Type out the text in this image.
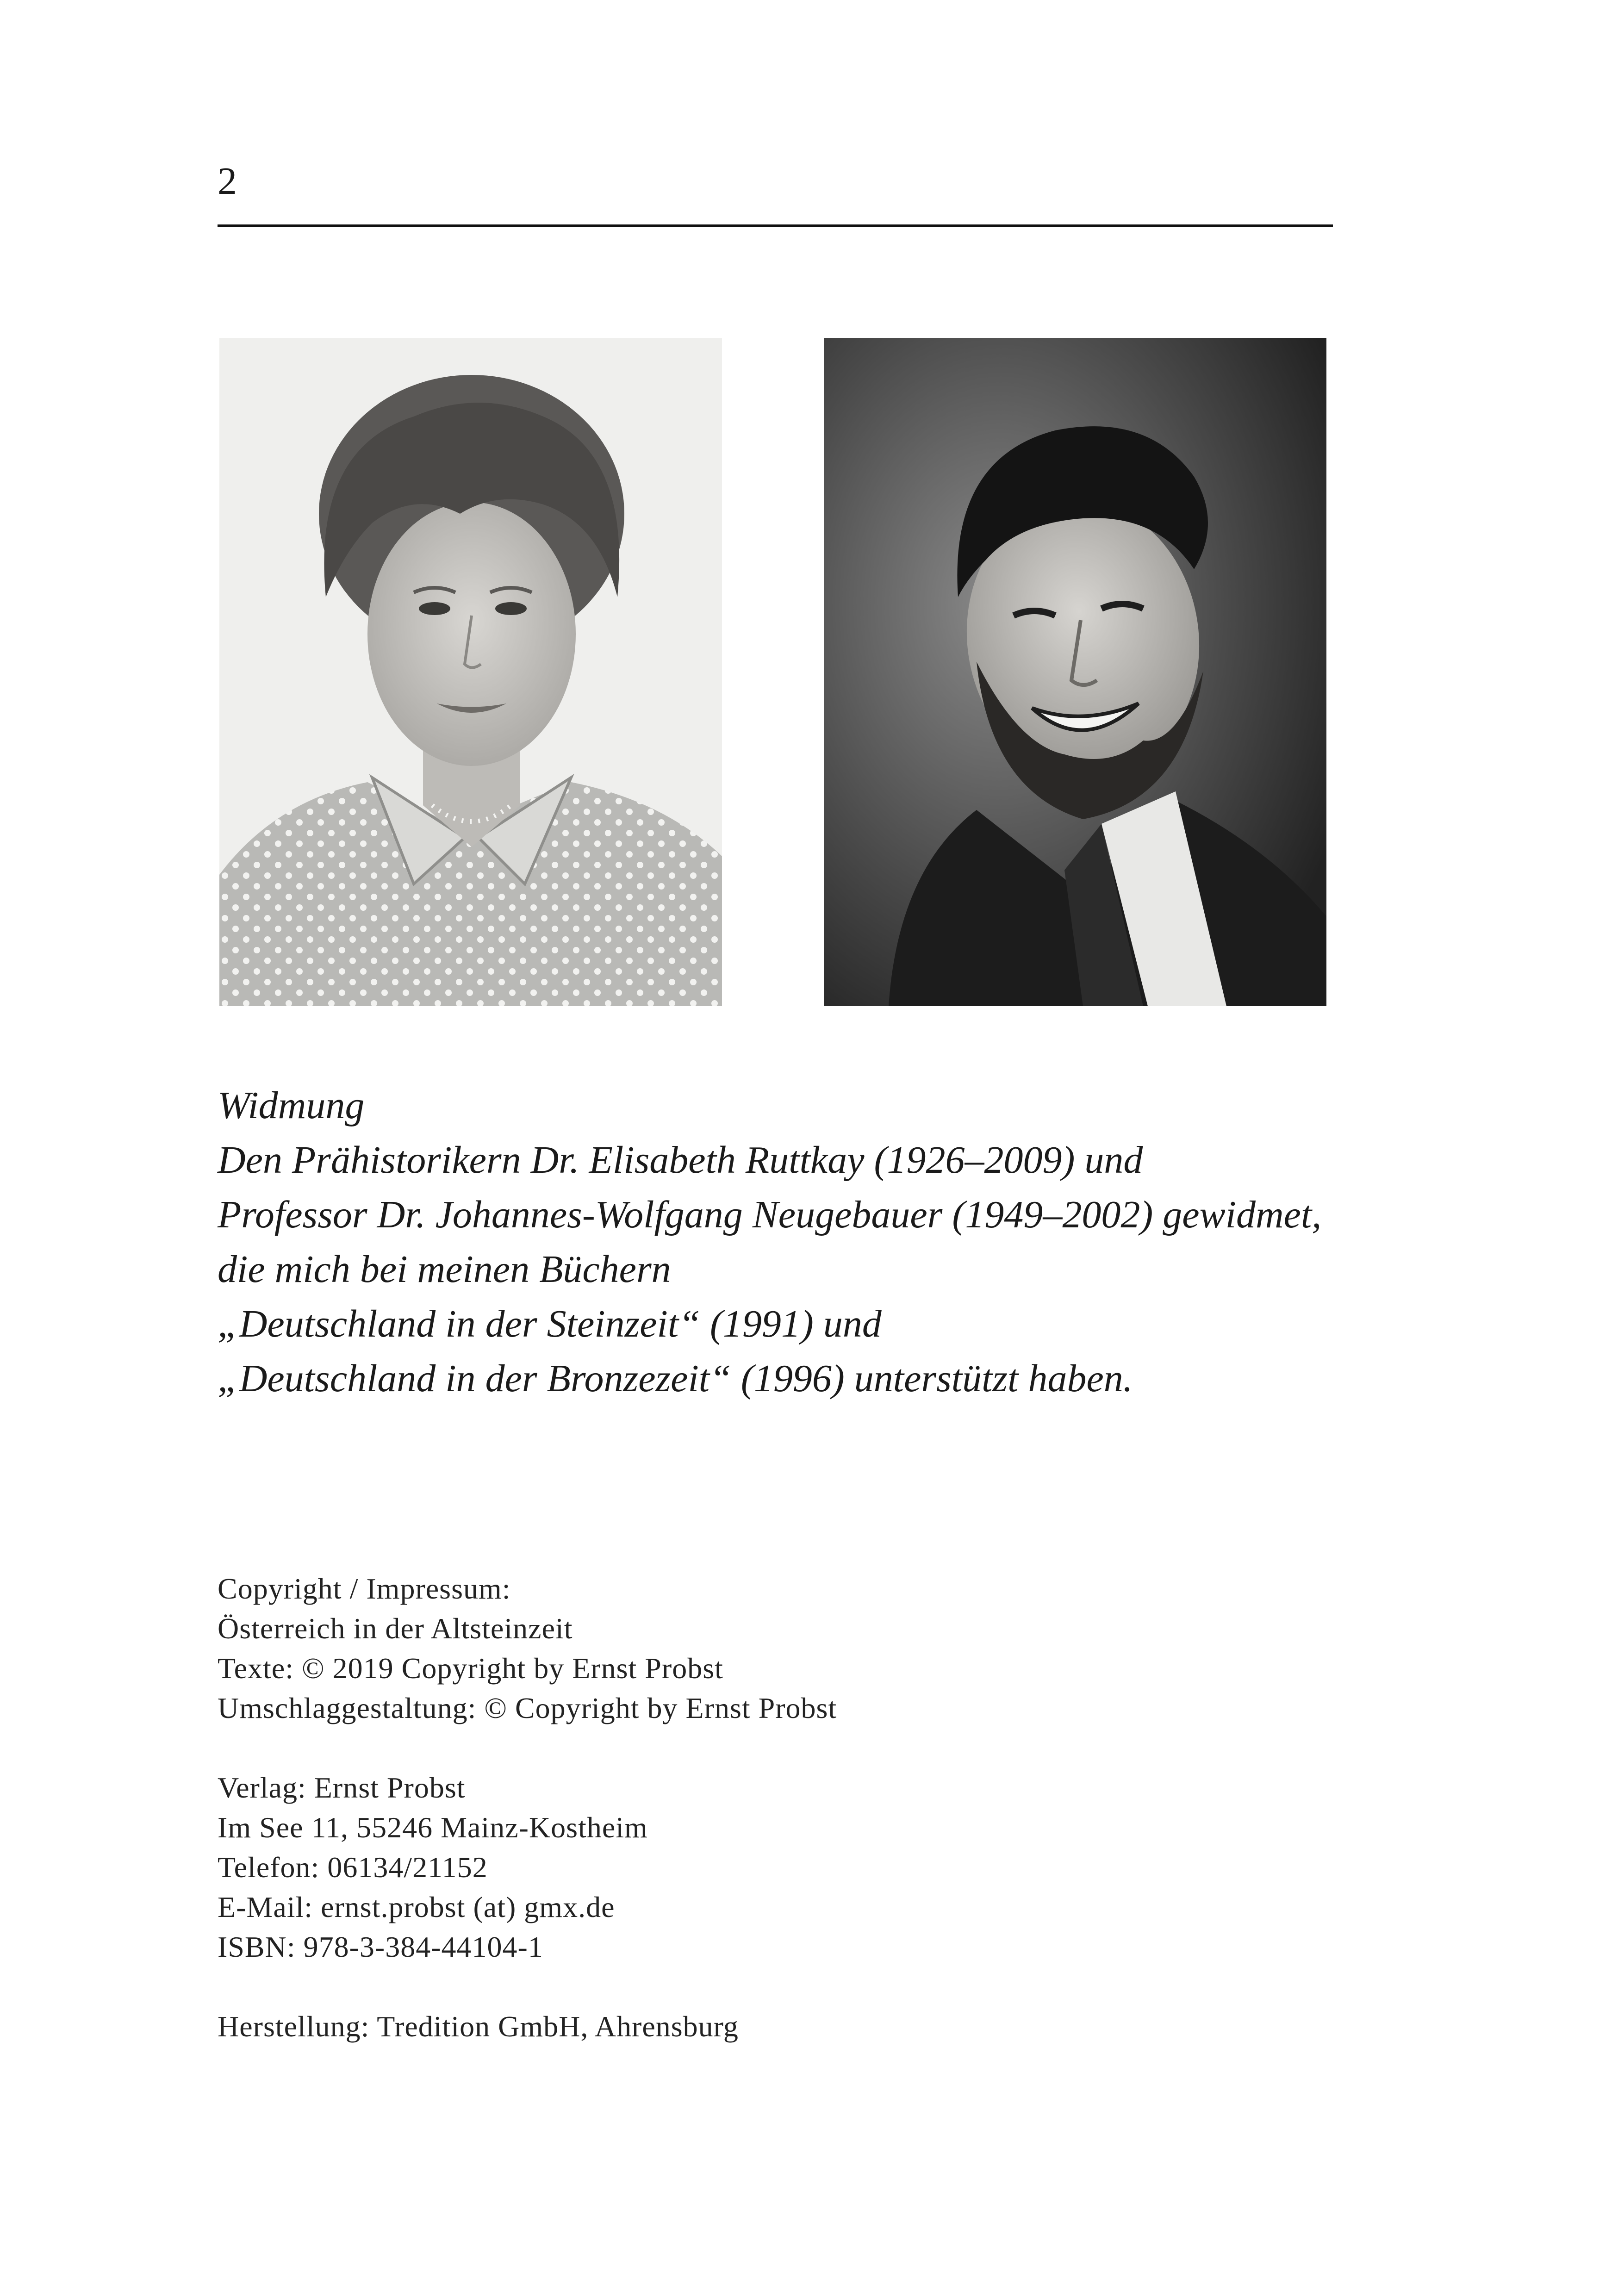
2
Widmung
Den Prähistorikern Dr. Elisabeth Ruttkay (1926–2009) und
Professor Dr. Johannes-Wolfgang Neugebauer (1949–2002) gewidmet,
die mich bei meinen Büchern
„Deutschland in der Steinzeit“ (1991) und
„Deutschland in der Bronzezeit“ (1996) unterstützt haben.
Copyright / Impressum:
Österreich in der Altsteinzeit
Texte: © 2019 Copyright by Ernst Probst
Umschlaggestaltung: © Copyright by Ernst Probst
Verlag: Ernst Probst
Im See 11, 55246 Mainz-Kostheim
Telefon: 06134/21152
E-Mail: ernst.probst (at) gmx.de
ISBN: 978-3-384-44104-1
Herstellung: Tredition GmbH, Ahrensburg
